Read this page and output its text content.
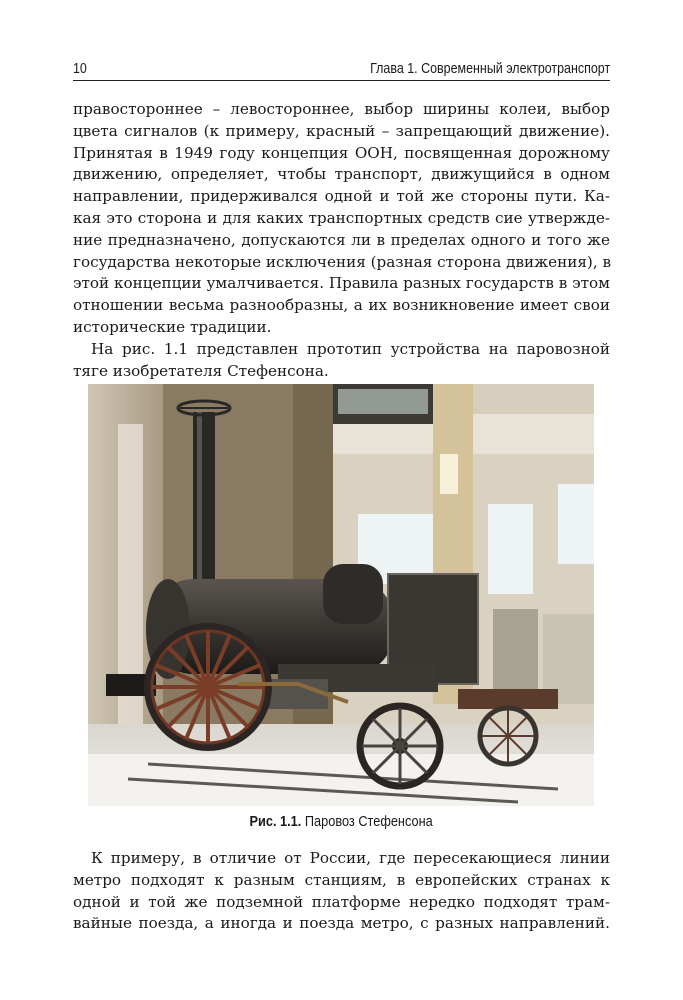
10	Глава 1. Современный электротранспорт

правостороннее – левостороннее, выбор ширины колеи, выбор
цвета сигналов (к примеру, красный – запрещающий движение).
Принятая в 1949 году концепция ООН, посвященная дорожному
движению, определяет, чтобы транспорт, движущийся в одном
направлении, придерживался одной и той же стороны пути. Ка-
кая это сторона и для каких транспортных средств сие утвержде-
ние предназначено, допускаются ли в пределах одного и того же
государства некоторые исключения (разная сторона движения), в
этой концепции умалчивается. Правила разных государств в этом
отношении весьма разнообразны, а их возникновение имеет свои
исторические традиции.

На рис. 1.1 представлен прототип устройства на паровозной
тяге изобретателя Стефенсона.

Рис. 1.1. Паровоз Стефенсона

К примеру, в отличие от России, где пересекающиеся линии
метро подходят к разным станциям, в европейских странах к
одной и той же подземной платформе нередко подходят трам-
вайные поезда, а иногда и поезда метро, с разных направлений.
